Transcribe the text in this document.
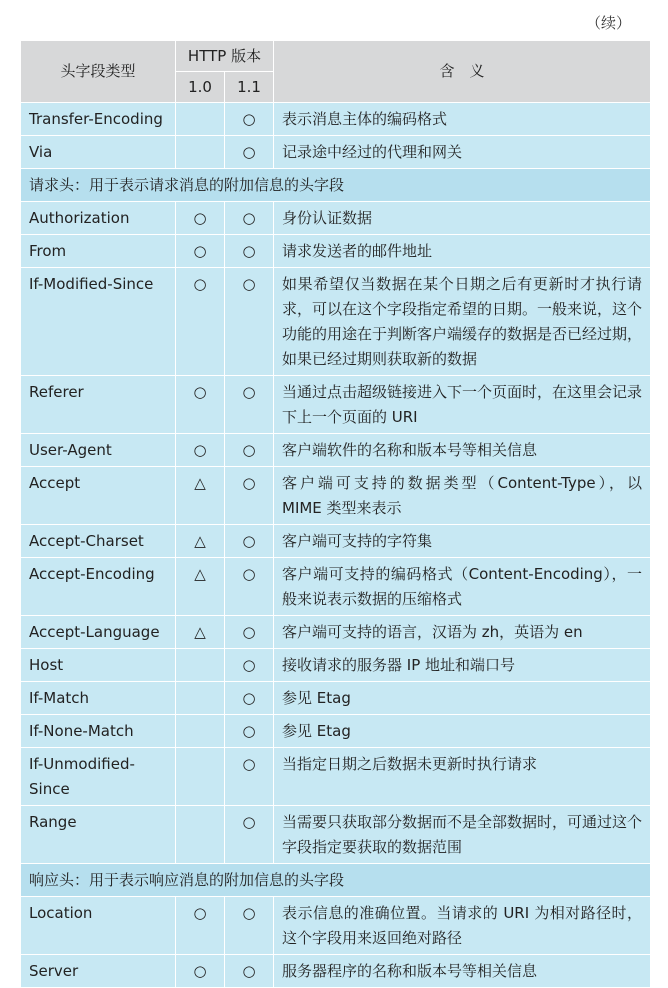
（续）
头字段类型	HTTP 版本		含　义
	1.0	1.1	
Transfer-Encoding		○	表示消息主体的编码格式
Via		○	记录途中经过的代理和网关
请求头：用于表示请求消息的附加信息的头字段			
Authorization	○	○	身份认证数据
From	○	○	请求发送者的邮件地址
If-Modified-Since	○	○	如果希望仅当数据在某个日期之后有更新时才执行请求，可以在这个字段指定希望的日期。一般来说，这个功能的用途在于判断客户端缓存的数据是否已经过期，如果已经过期则获取新的数据
Referer	○	○	当通过点击超级链接进入下一个页面时，在这里会记录下上一个页面的 URI
User-Agent	○	○	客户端软件的名称和版本号等相关信息
Accept	△	○	客户端可支持的数据类型（Content-Type），以 MIME 类型来表示
Accept-Charset	△	○	客户端可支持的字符集
Accept-Encoding	△	○	客户端可支持的编码格式（Content-Encoding），一般来说表示数据的压缩格式
Accept-Language	△	○	客户端可支持的语言，汉语为 zh，英语为 en
Host		○	接收请求的服务器 IP 地址和端口号
If-Match		○	参见 Etag
If-None-Match		○	参见 Etag
If-Unmodified-Since		○	当指定日期之后数据未更新时执行请求
Range		○	当需要只获取部分数据而不是全部数据时，可通过这个字段指定要获取的数据范围
响应头：用于表示响应消息的附加信息的头字段			
Location	○	○	表示信息的准确位置。当请求的 URI 为相对路径时，这个字段用来返回绝对路径
Server	○	○	服务器程序的名称和版本号等相关信息
